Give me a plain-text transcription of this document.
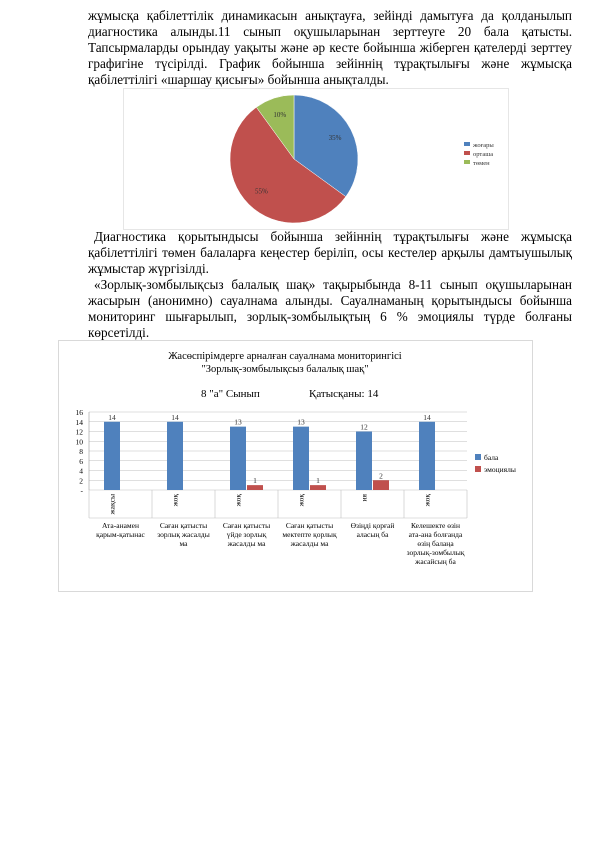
жұмысқа қабілеттілік динамикасын анықтауға, зейінді дамытуға да қолданылып диагностика алынды.11 сынып оқушыларынан зерттеуге 20 бала қатысты. Тапсырмаларды орындау уақыты және әр кесте бойынша жіберген қателерді зерттеу графигіне түсірілді. График бойынша зейіннің тұрақтылығы және жұмысқа қабілеттілігі «шаршау қисығы» бойынша анықталды.

35%
55%
10%
жоғары
орташа
төмен

Диагностика қорытындысы бойынша зейіннің тұрақтылығы және жұмысқа қабілеттілігі төмен балаларға кеңестер беріліп, осы кестелер арқылы дамтыушылық жұмыстар жүргізілді.

«Зорлық-зомбылықсыз балалық шақ» тақырыбында 8-11 сынып оқушыларынан жасырын (анонимно) сауалнама алынды. Сауалнаманың қорытындысы бойынша мониторинг шығарылып, зорлық-зомбылықтың 6 % эмоциялы түрде болғаны көрсетілді.

Жасөспірімдерге арналған сауалнама мониторингісі
"Зорлық-зомбылықсыз балалық шақ"
8 "а" Сынып	Қатысқаны: 14
-
2
4
6
8
10
12
14
16
14
жақсы
Ата-анамен қарым-қатынас
14
жоқ
Саған қатысты зорлық жасалды ма
13
1
жоқ
Саған қатысты үйде зорлық жасалды ма
13
1
жоқ
Саған қатысты мектепте қорлық жасалды ма
12
2
ия
Өзіңді қорғай аласың ба
14
жоқ
Келешекте өзін ата-ана болғанда өзің балаңа зорлық-зомбылық жасайсың ба
бала
эмоциялы
